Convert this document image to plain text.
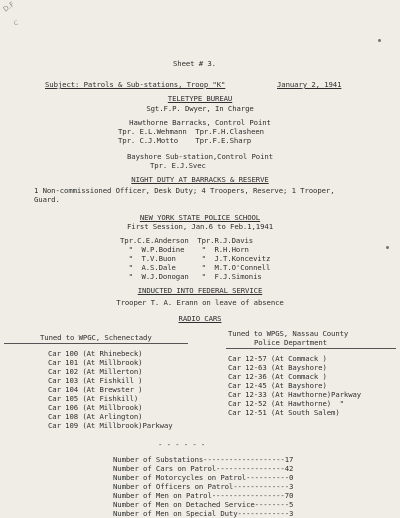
D.F
C
Sheet # 3.
Subject: Patrols & Sub-stations, Troop "K"	January 2, 1941
TELETYPE BUREAU
Sgt.F.P. Dwyer, In Charge
Hawthorne Barracks, Control Point
Tpr. E.L.Wehmann  Tpr.F.H.Clasheen
Tpr. C.J.Motto    Tpr.F.E.Sharp
Bayshore Sub-station,Control Point
Tpr. E.J.Svec
NIGHT DUTY AT BARRACKS & RESERVE
1 Non-commissioned Officer, Desk Duty; 4 Troopers, Reserve; 1 Trooper,
Guard.
NEW YORK STATE POLICE SCHOOL
First Session, Jan.6 to Feb.1,1941
Tpr.C.E.Anderson  Tpr.R.J.Davis
"  W.P.Bodine    "  R.H.Horn
"  T.V.Buon      "  J.T.Koncevitz
"  A.S.Dale      "  M.T.O'Connell
"  W.J.Donogan   "  F.J.Simonis
INDUCTED INTO FEDERAL SERVICE
Trooper T. A. Erann on leave of absence
RADIO CARS
Tuned to WPGC, Schenectady	Tuned to WPGS, Nassau County
Police Department
Car 100 (At Rhinebeck)
Car 101 (At Millbrook)
Car 102 (At Millerton)
Car 103 (At Fishkill )
Car 104 (At Brewster )
Car 105 (At Fishkill)
Car 106 (At Millbrook)
Car 108 (At Arlington)
Car 109 (At Millbrook)Parkway
Car 12-57 (At Commack )
Car 12-63 (At Bayshore)
Car 12-36 (At Commack )
Car 12-45 (At Bayshore)
Car 12-33 (At Hawthorne)Parkway
Car 12-52 (At Hawthorne)  "
Car 12-51 (At South Salem)
- - - - - -
Number of Substations-------------------17
Number of Cars on Patrol----------------42
Number of Motorcycles on Patrol----------0
Number of Officers on Patrol-------------3
Number of Men on Patrol-----------------70
Number of Men on Detached Service--------5
Number of Men on Special Duty------------3
